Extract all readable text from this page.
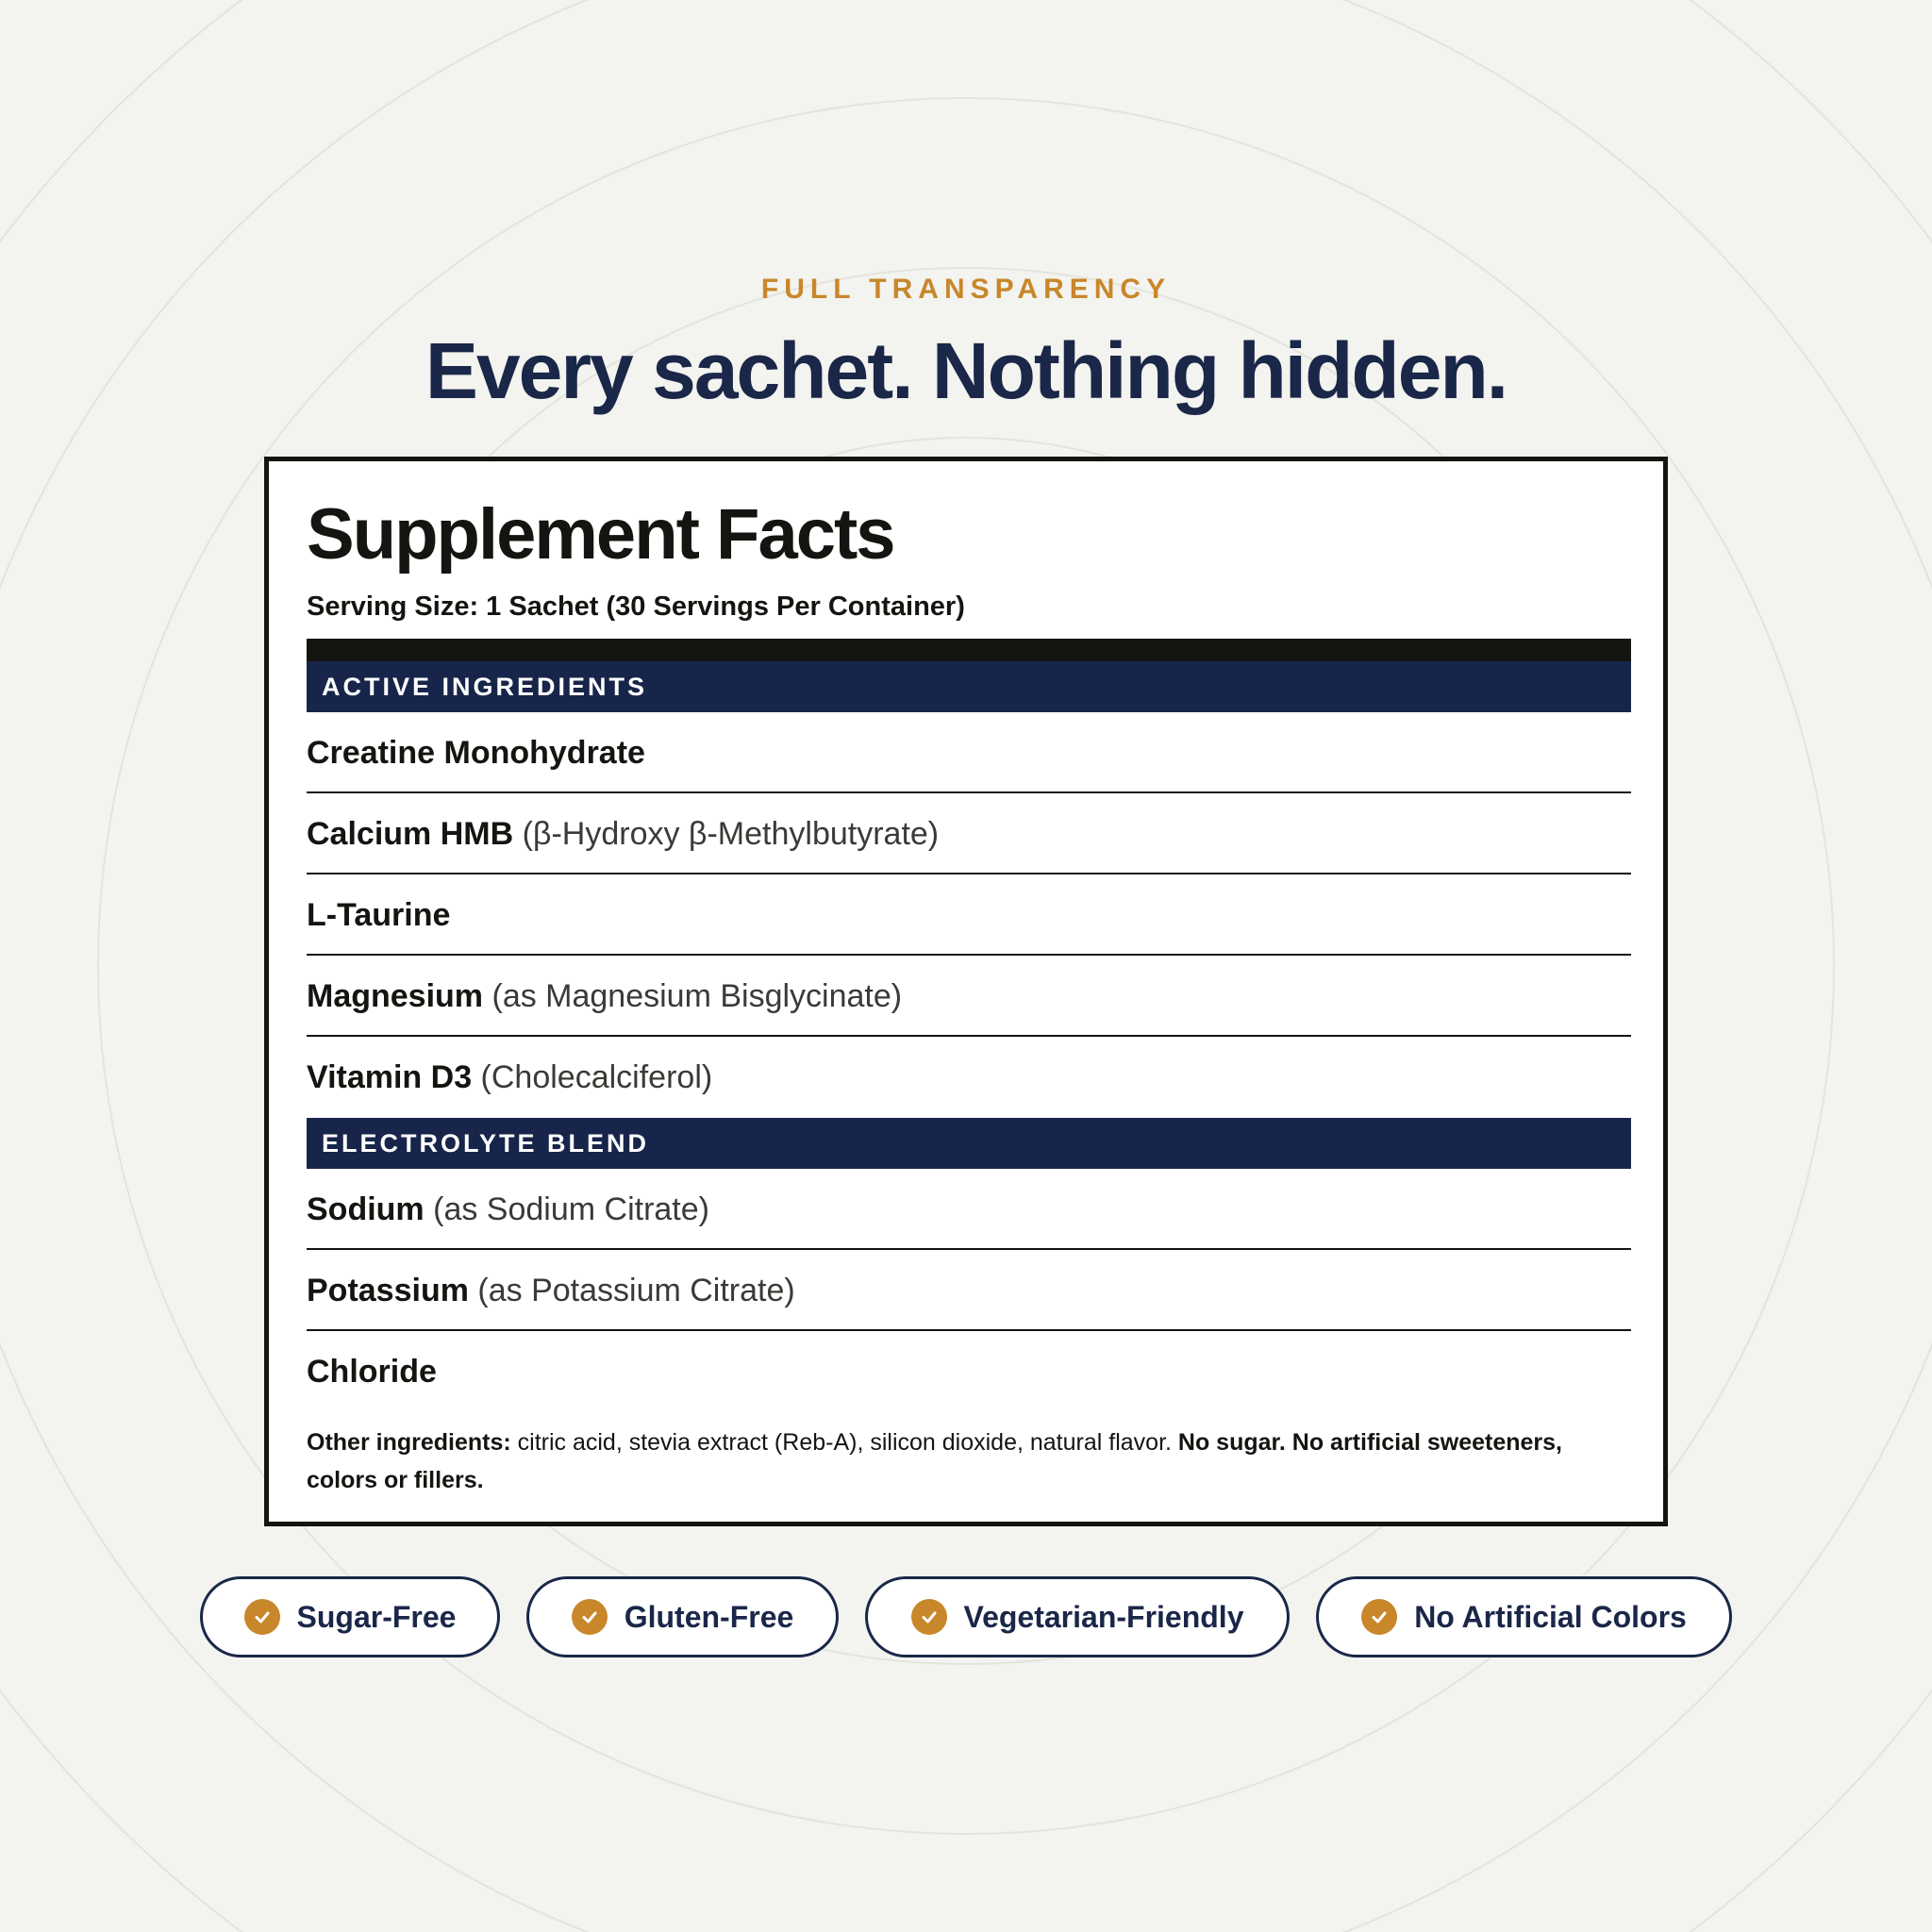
FULL TRANSPARENCY
Every sachet. Nothing hidden.
Supplement Facts
Serving Size: 1 Sachet (30 Servings Per Container)
ACTIVE INGREDIENTS
Creatine Monohydrate
Calcium HMB (β-Hydroxy β-Methylbutyrate)
L-Taurine
Magnesium (as Magnesium Bisglycinate)
Vitamin D3 (Cholecalciferol)
ELECTROLYTE BLEND
Sodium (as Sodium Citrate)
Potassium (as Potassium Citrate)
Chloride
Other ingredients: citric acid, stevia extract (Reb-A), silicon dioxide, natural flavor. No sugar. No artificial sweeteners, colors or fillers.
Sugar-Free	Gluten-Free	Vegetarian-Friendly	No Artificial Colors
